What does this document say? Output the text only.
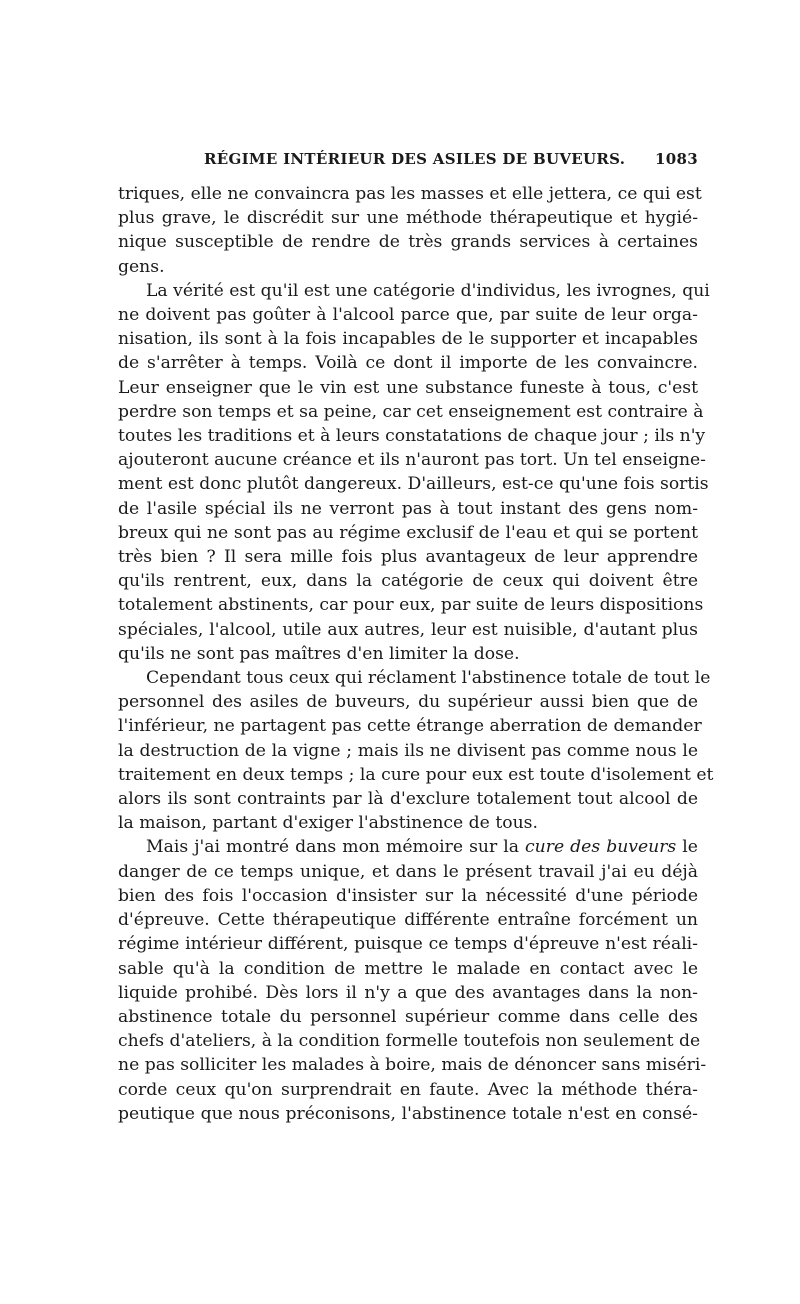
RÉGIME INTÉRIEUR DES ASILES DE BUVEURS. 1083
triques, elle ne convaincra pas les masses et elle jettera, ce qui est
plus grave, le discrédit sur une méthode thérapeutique et hygié-
nique susceptible de rendre de très grands services à certaines
gens.
La vérité est qu'il est une catégorie d'individus, les ivrognes, qui
ne doivent pas goûter à l'alcool parce que, par suite de leur orga-
nisation, ils sont à la fois incapables de le supporter et incapables
de s'arrêter à temps. Voilà ce dont il importe de les convaincre.
Leur enseigner que le vin est une substance funeste à tous, c'est
perdre son temps et sa peine, car cet enseignement est contraire à
toutes les traditions et à leurs constatations de chaque jour ; ils n'y
ajouteront aucune créance et ils n'auront pas tort. Un tel enseigne-
ment est donc plutôt dangereux. D'ailleurs, est-ce qu'une fois sortis
de l'asile spécial ils ne verront pas à tout instant des gens nom-
breux qui ne sont pas au régime exclusif de l'eau et qui se portent
très bien ? Il sera mille fois plus avantageux de leur apprendre
qu'ils rentrent, eux, dans la catégorie de ceux qui doivent être
totalement abstinents, car pour eux, par suite de leurs dispositions
spéciales, l'alcool, utile aux autres, leur est nuisible, d'autant plus
qu'ils ne sont pas maîtres d'en limiter la dose.
Cependant tous ceux qui réclament l'abstinence totale de tout le
personnel des asiles de buveurs, du supérieur aussi bien que de
l'inférieur, ne partagent pas cette étrange aberration de demander
la destruction de la vigne ; mais ils ne divisent pas comme nous le
traitement en deux temps ; la cure pour eux est toute d'isolement et
alors ils sont contraints par là d'exclure totalement tout alcool de
la maison, partant d'exiger l'abstinence de tous.
Mais j'ai montré dans mon mémoire sur la cure des buveurs le
danger de ce temps unique, et dans le présent travail j'ai eu déjà
bien des fois l'occasion d'insister sur la nécessité d'une période
d'épreuve. Cette thérapeutique différente entraîne forcément un
régime intérieur différent, puisque ce temps d'épreuve n'est réali-
sable qu'à la condition de mettre le malade en contact avec le
liquide prohibé. Dès lors il n'y a que des avantages dans la non-
abstinence totale du personnel supérieur comme dans celle des
chefs d'ateliers, à la condition formelle toutefois non seulement de
ne pas solliciter les malades à boire, mais de dénoncer sans miséri-
corde ceux qu'on surprendrait en faute. Avec la méthode théra-
peutique que nous préconisons, l'abstinence totale n'est en consé-
